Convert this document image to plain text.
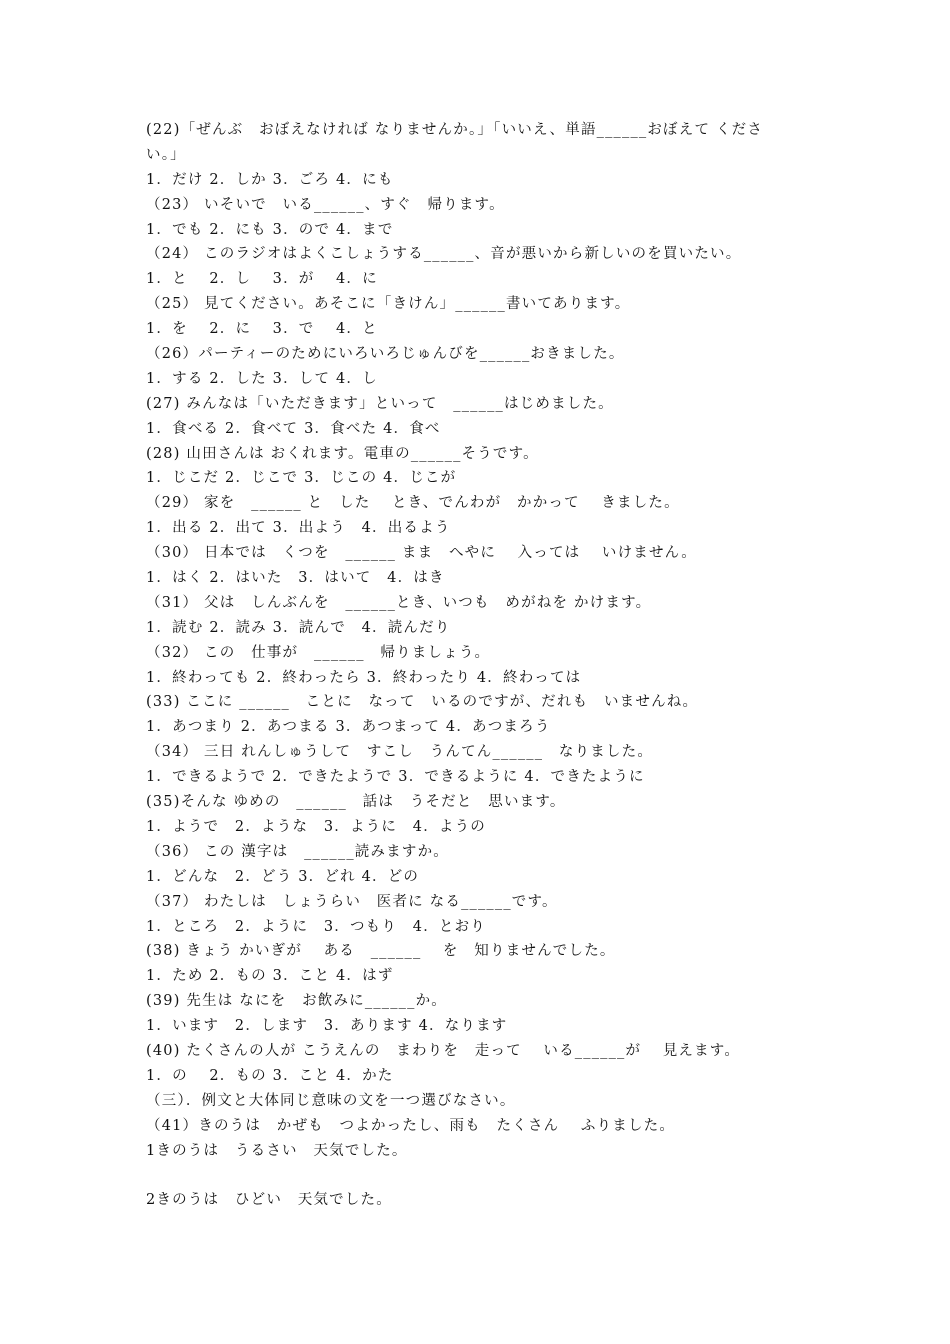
(22)「ぜんぶ　おぼえなければ なりませんか。」「いいえ、単語______おぼえて くださ
い。」
1．だけ 2．しか 3．ごろ 4．にも
（23） いそいで　いる______、すぐ　帰ります。
1．でも 2．にも 3．ので 4．まで
（24） このラジオはよくこしょうする______、音が悪いから新しいのを買いたい。
1．と　 2．し　 3．が　 4．に
（25） 見てください。あそこに「きけん」______書いてあります。
1．を　 2．に　 3．で　 4．と
（26）パーティーのためにいろいろじゅんびを______おきました。
1．する 2．した 3．して 4．し
(27) みんなは「いただきます」といって　______はじめました。
1．食べる 2．食べて 3．食べた 4．食べ
(28) 山田さんは おくれます。電車の______そうです。
1．じこだ 2．じこで 3．じこの 4．じこが
（29） 家を　______ と　した　 とき、でんわが　かかって　 きました。
1．出る 2．出て 3．出よう　4．出るよう
（30） 日本では　くつを　______ まま　へやに　 入っては　 いけません。
1．はく 2．はいた　3．はいて　4．はき
（31） 父は　しんぶんを　______とき、いつも　めがねを かけます。
1．読む 2．読み 3．読んで　4．読んだり
（32） この　仕事が　______　帰りましょう。
1．終わっても 2．終わったら 3．終わったり 4．終わっては
(33) ここに ______　ことに　なって　いるのですが、だれも　いませんね。
1．あつまり 2．あつまる 3．あつまって 4．あつまろう
（34） 三日 れんしゅうして　すこし　うんてん______　なりました。
1．できるようで 2．できたようで 3．できるように 4．できたように
(35)そんな ゆめの　______　話は　うそだと　思います。
1．ようで　2．ような　3．ように　4．ようの
（36） この 漢字は　______読みますか。
1．どんな　2．どう 3．どれ 4．どの
（37） わたしは　しょうらい　医者に なる______です。
1．ところ　2．ように　3．つもり　4．とおり
(38) きょう かいぎが　 ある　______　 を　知りませんでした。
1．ため 2．もの 3．こと 4．はず
(39) 先生は なにを　お飲みに______か。
1．います　2．します　3．あります 4．なります
(40) たくさんの人が こうえんの　まわりを　走って　 いる______が　 見えます。
1．の　 2．もの 3．こと 4．かた
（三）．例文と大体同じ意味の文を一つ選びなさい。
（41）きのうは　かぜも　つよかったし、雨も　たくさん　 ふりました。
1きのうは　うるさい　天気でした。
2きのうは　ひどい　天気でした。
